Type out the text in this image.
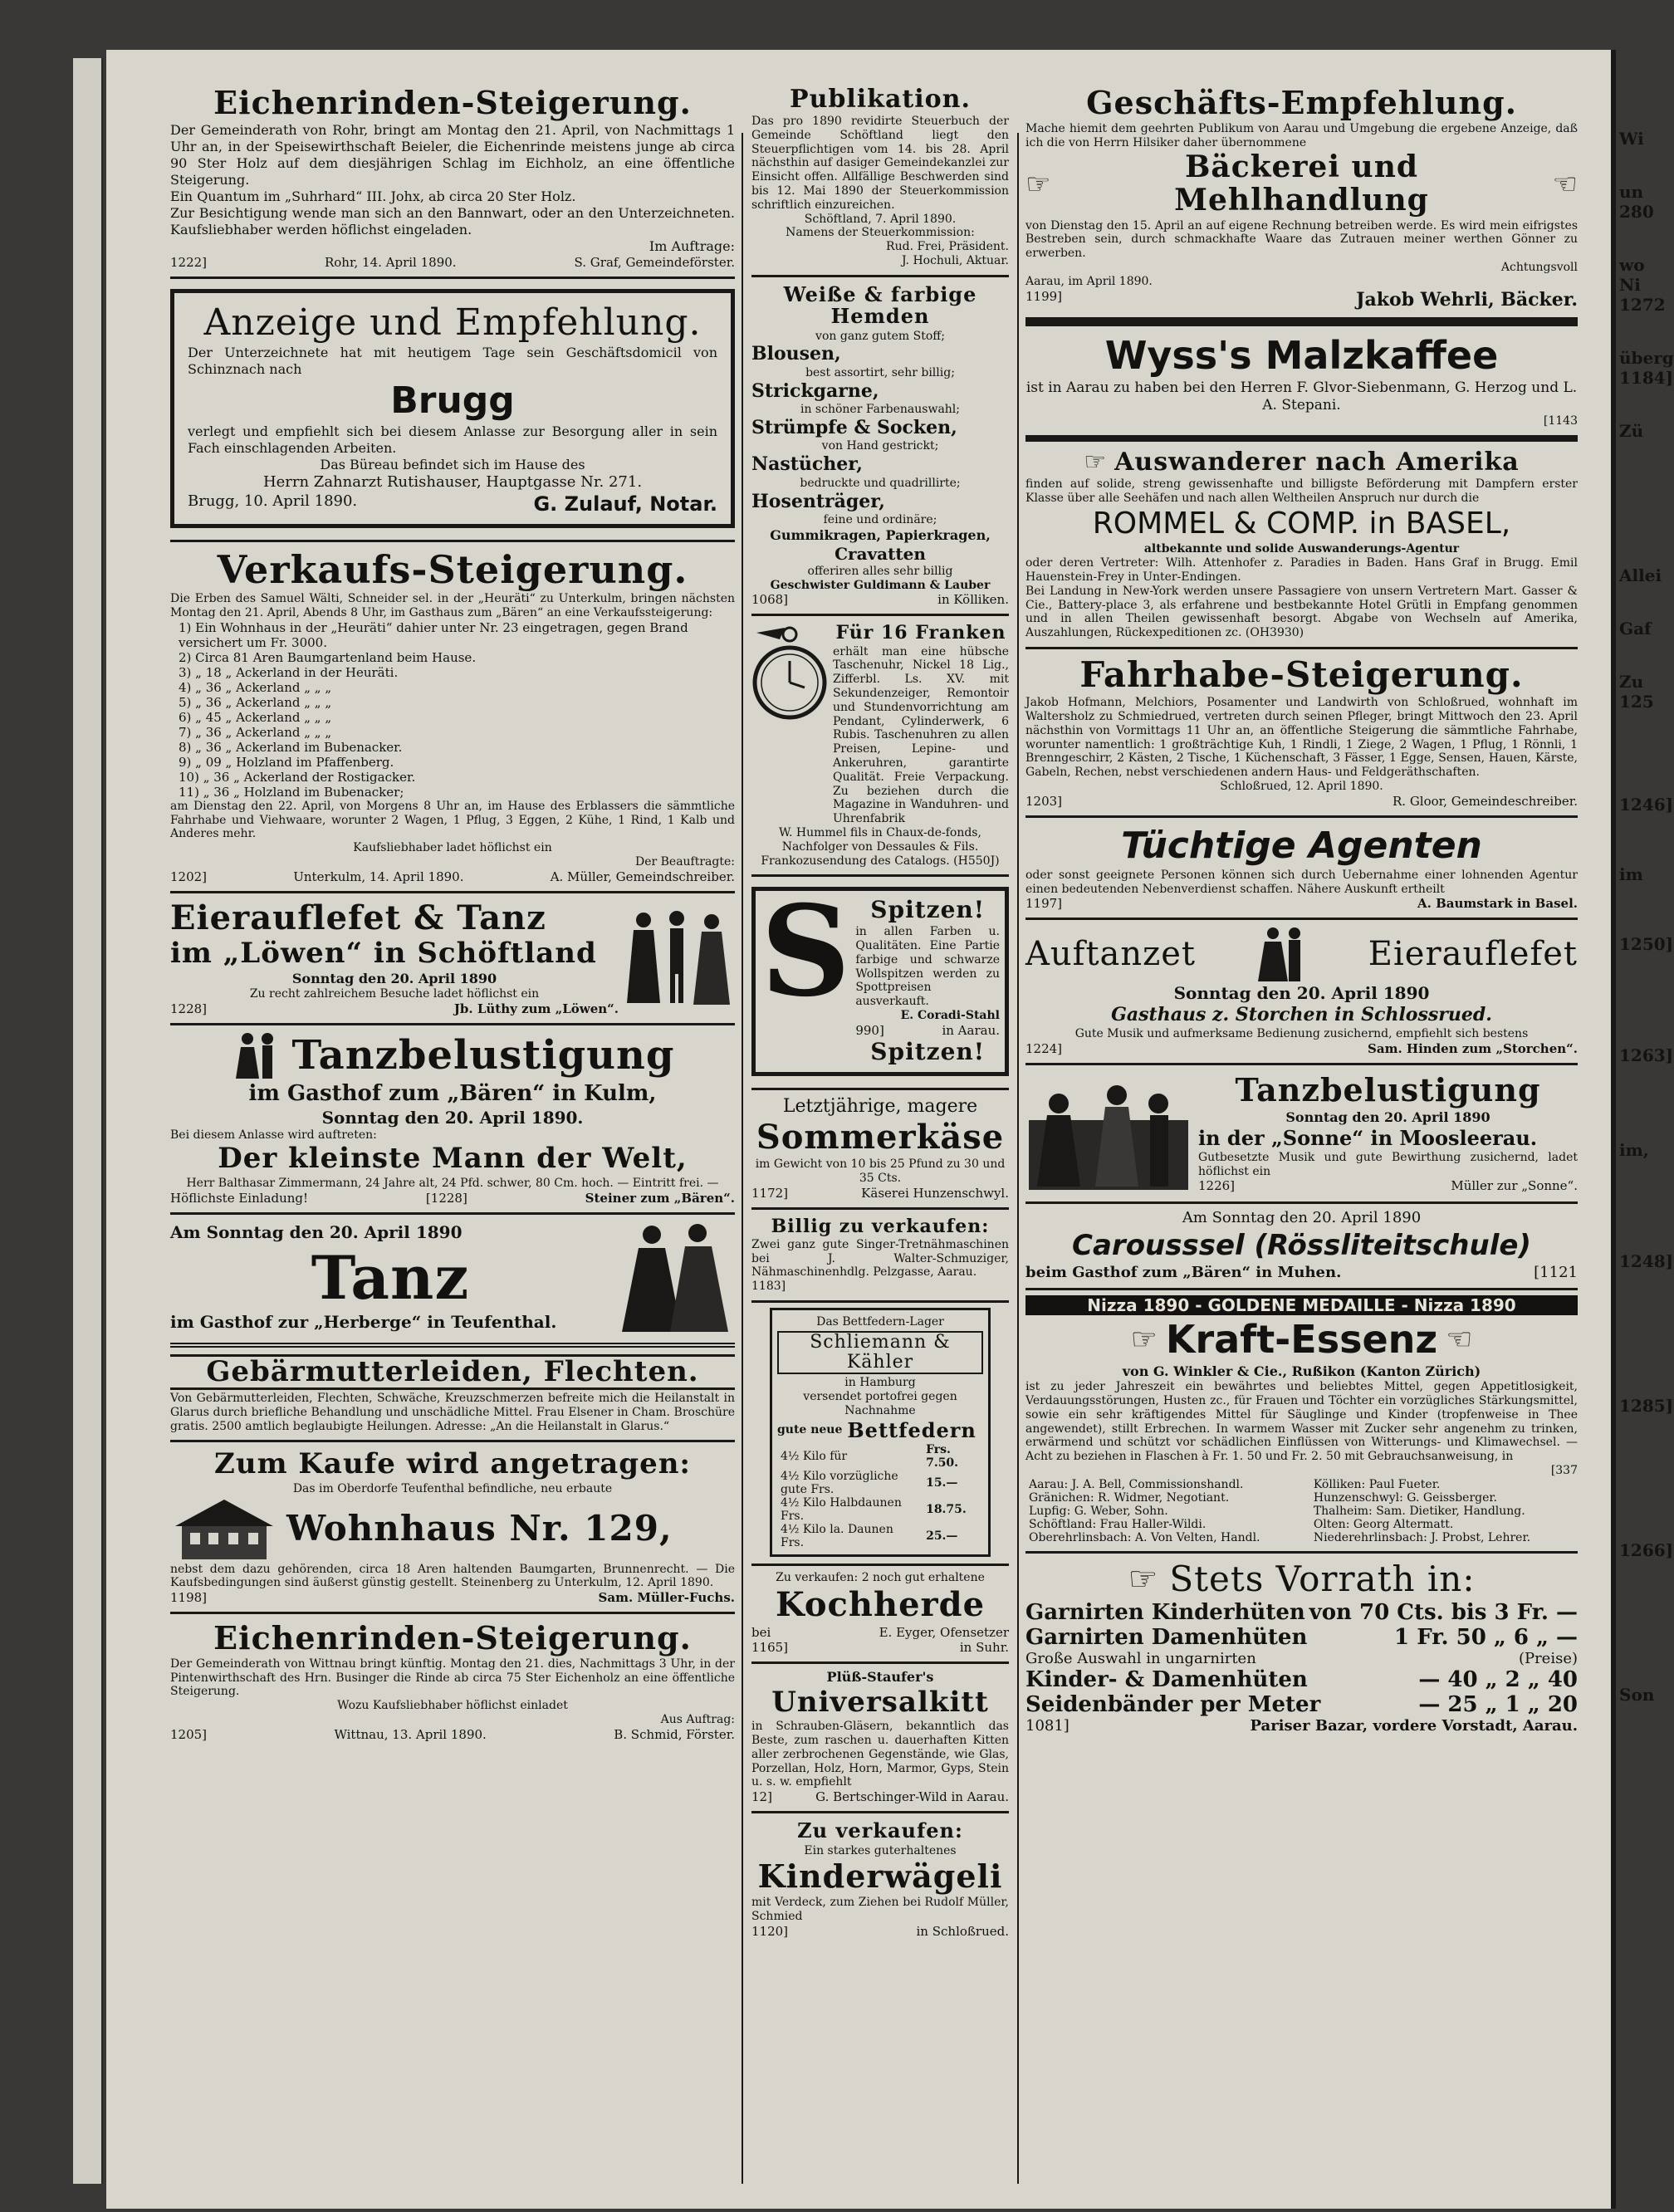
Eichenrinden-Steigerung.

Der Gemeinderath von Rohr, bringt am Montag den 21. April, von Nachmittags 1 Uhr an, in der Speisewirthschaft Beieler, die Eichenrinde meistens junge ab circa 90 Ster Holz auf dem diesjährigen Schlag im Eichholz, an eine öffentliche Steigerung.

Ein Quantum im „Suhrhard“ III. Johx, ab circa 20 Ster Holz.

Zur Besichtigung wende man sich an den Bannwart, oder an den Unterzeichneten. Kaufsliebhaber werden höflichst eingeladen.

Im Auftrage:

1222]	Rohr, 14. April 1890.	S. Graf, Gemeindeförster.
Anzeige und Empfehlung.

Der Unterzeichnete hat mit heutigem Tage sein Geschäftsdomicil von Schinznach nach

Brugg

verlegt und empfiehlt sich bei diesem Anlasse zur Besorgung aller in sein Fach einschlagenden Arbeiten.

Das Büreau befindet sich im Hause des

Herrn Zahnarzt Rutishauser, Hauptgasse Nr. 271.

Brugg, 10. April 1890.	G. Zulauf, Notar.
Verkaufs-Steigerung.

Die Erben des Samuel Wälti, Schneider sel. in der „Heuräti“ zu Unterkulm, bringen nächsten Montag den 21. April, Abends 8 Uhr, im Gasthaus zum „Bären“ an eine Verkaufssteigerung:

1) Ein Wohnhaus in der „Heuräti“ dahier unter Nr. 23 eingetragen, gegen Brand versichert um Fr. 3000.
2) Circa 81 Aren Baumgartenland beim Hause.
3) „ 18 „ Ackerland in der Heuräti.
4) „ 36 „ Ackerland „ „ „
5) „ 36 „ Ackerland „ „ „
6) „ 45 „ Ackerland „ „ „
7) „ 36 „ Ackerland „ „ „
8) „ 36 „ Ackerland im Bubenacker.
9) „ 09 „ Holzland im Pfaffenberg.
10) „ 36 „ Ackerland der Rostigacker.
11) „ 36 „ Holzland im Bubenacker;

am Dienstag den 22. April, von Morgens 8 Uhr an, im Hause des Erblassers die sämmtliche Fahrhabe und Viehwaare, worunter 2 Wagen, 1 Pflug, 3 Eggen, 2 Kühe, 1 Rind, 1 Kalb und Anderes mehr.

Kaufsliebhaber ladet höflichst ein

Der Beauftragte:

1202]	Unterkulm, 14. April 1890.	A. Müller, Gemeindschreiber.
Eierauflefet & Tanz
im „Löwen“ in Schöftland

Sonntag den 20. April 1890

Zu recht zahlreichem Besuche ladet höflichst ein

1228]	Jb. Lüthy zum „Löwen“.
Tanzbelustigung

im Gasthof zum „Bären“ in Kulm,

Sonntag den 20. April 1890.

Bei diesem Anlasse wird auftreten:

Der kleinste Mann der Welt,

Herr Balthasar Zimmermann, 24 Jahre alt, 24 Pfd. schwer, 80 Cm. hoch. — Eintritt frei. —

Höflichste Einladung!	[1228]	Steiner zum „Bären“.

Am Sonntag den 20. April 1890

Tanz

im Gasthof zur „Herberge“ in Teufenthal.

Gebärmutterleiden, Flechten.

Von Gebärmutterleiden, Flechten, Schwäche, Kreuzschmerzen befreite mich die Heilanstalt in Glarus durch briefliche Behandlung und unschädliche Mittel. Frau Elsener in Cham. Broschüre gratis. 2500 amtlich beglaubigte Heilungen. Adresse: „An die Heilanstalt in Glarus.“

Zum Kaufe wird angetragen:

Das im Oberdorfe Teufenthal befindliche, neu erbaute

Wohnhaus Nr. 129,

nebst dem dazu gehörenden, circa 18 Aren haltenden Baumgarten, Brunnenrecht. — Die Kaufsbedingungen sind äußerst günstig gestellt. Steinenberg zu Unterkulm, 12. April 1890.

1198]	Sam. Müller-Fuchs.
Eichenrinden-Steigerung.

Der Gemeinderath von Wittnau bringt künftig. Montag den 21. dies, Nachmittags 3 Uhr, in der Pintenwirthschaft des Hrn. Businger die Rinde ab circa 75 Ster Eichenholz an eine öffentliche Steigerung.

Wozu Kaufsliebhaber höflichst einladet

Aus Auftrag:

1205]	Wittnau, 13. April 1890.	B. Schmid, Förster.
Publikation.

Das pro 1890 revidirte Steuerbuch der Gemeinde Schöftland liegt den Steuerpflichtigen vom 14. bis 28. April nächsthin auf dasiger Gemeindekanzlei zur Einsicht offen. Allfällige Beschwerden sind bis 12. Mai 1890 der Steuerkommission schriftlich einzureichen.

Schöftland, 7. April 1890.

Namens der Steuerkommission:

Rud. Frei, Präsident.

J. Hochuli, Aktuar.

Weiße & farbige Hemden

von ganz gutem Stoff;

Blousen,

best assortirt, sehr billig;

Strickgarne,

in schöner Farbenauswahl;

Strümpfe & Socken,

von Hand gestrickt;

Nastücher,

bedruckte und quadrillirte;

Hosenträger,

feine und ordinäre;

Gummikragen, Papierkragen,

Cravatten

offeriren alles sehr billig

Geschwister Guldimann & Lauber

1068]	in Kölliken.
Für 16 Franken

erhält man eine hübsche Taschenuhr, Nickel 18 Lig., Zifferbl. Ls. XV. mit Sekundenzeiger, Remontoir und Stundenvorrichtung am Pendant, Cylinderwerk, 6 Rubis. Taschenuhren zu allen Preisen, Lepine- und Ankeruhren, garantirte Qualität. Freie Verpackung. Zu beziehen durch die Magazine in Wanduhren- und Uhrenfabrik

W. Hummel fils in Chaux-de-fonds,

Nachfolger von Dessaules & Fils.

Frankozusendung des Catalogs. (H550J)

S Spitzen!

in allen Farben u. Qualitäten. Eine Partie farbige und schwarze Wollspitzen werden zu Spottpreisen ausverkauft.

E. Coradi-Stahl

990]	in Aarau.
Spitzen!

Letztjährige, magere

Sommerkäse

im Gewicht von 10 bis 25 Pfund zu 30 und 35 Cts.

1172]	Käserei Hunzenschwyl.
Billig zu verkaufen:

Zwei ganz gute Singer-Tretnähmaschinen bei J. Walter-Schmuziger, Nähmaschinenhdlg. Pelzgasse, Aarau.

1183]

Das Bettfedern-Lager

Schliemann & Kähler

in Hamburg

versendet portofrei gegen Nachnahme

gute neue Bettfedern
4½ Kilo für	Frs. 7.50.
4½ Kilo vorzügliche gute Frs.	15.—
4½ Kilo Halbdaunen Frs.	18.75.
4½ Kilo la. Daunen Frs.	25.—

Zu verkaufen: 2 noch gut erhaltene

Kochherde
bei	E. Eyger, Ofensetzer
1165]	in Suhr.

Plüß-Staufer's

Universalkitt

in Schrauben-Gläsern, bekanntlich das Beste, zum raschen u. dauerhaften Kitten aller zerbrochenen Gegenstände, wie Glas, Porzellan, Holz, Horn, Marmor, Gyps, Stein u. s. w. empfiehlt

12]	G. Bertschinger-Wild in Aarau.
Zu verkaufen:

Ein starkes guterhaltenes

Kinderwägeli

mit Verdeck, zum Ziehen bei Rudolf Müller, Schmied

1120]	in Schloßrued.
Geschäfts-Empfehlung.

Mache hiemit dem geehrten Publikum von Aarau und Umgebung die ergebene Anzeige, daß ich die von Herrn Hilsiker daher übernommene

☞	Bäckerei und Mehlhandlung	☜

von Dienstag den 15. April an auf eigene Rechnung betreiben werde. Es wird mein eifrigstes Bestreben sein, durch schmackhafte Waare das Zutrauen meiner werthen Gönner zu erwerben.

Achtungsvoll

Aarau, im April 1890.

1199]	Jakob Wehrli, Bäcker.
Wyss's Malzkaffee

ist in Aarau zu haben bei den Herren F. Glvor-Siebenmann, G. Herzog und L. A. Stepani.

[1143

☞ Auswanderer nach Amerika

finden auf solide, streng gewissenhafte und billigste Beförderung mit Dampfern erster Klasse über alle Seehäfen und nach allen Weltheilen Anspruch nur durch die

ROMMEL & COMP. in BASEL,

altbekannte und solide Auswanderungs-Agentur

oder deren Vertreter: Wilh. Attenhofer z. Paradies in Baden. Hans Graf in Brugg. Emil Hauenstein-Frey in Unter-Endingen.

Bei Landung in New-York werden unsere Passagiere von unsern Vertretern Mart. Gasser & Cie., Battery-place 3, als erfahrene und bestbekannte Hotel Grütli in Empfang genommen und in allen Theilen gewissenhaft besorgt. Abgabe von Wechseln auf Amerika, Auszahlungen, Rückexpeditionen zc. (OH3930)

Fahrhabe-Steigerung.

Jakob Hofmann, Melchiors, Posamenter und Landwirth von Schloßrued, wohnhaft im Waltersholz zu Schmiedrued, vertreten durch seinen Pfleger, bringt Mittwoch den 23. April nächsthin von Vormittags 11 Uhr an, an öffentliche Steigerung die sämmtliche Fahrhabe, worunter namentlich: 1 großträchtige Kuh, 1 Rindli, 1 Ziege, 2 Wagen, 1 Pflug, 1 Rönnli, 1 Brenngeschirr, 2 Kästen, 2 Tische, 1 Küchenschaft, 3 Fässer, 1 Egge, Sensen, Hauen, Kärste, Gabeln, Rechen, nebst verschiedenen andern Haus- und Feldgeräthschaften.

Schloßrued, 12. April 1890.

1203]	R. Gloor, Gemeindeschreiber.
Tüchtige Agenten

oder sonst geeignete Personen können sich durch Uebernahme einer lohnenden Agentur einen bedeutenden Nebenverdienst schaffen. Nähere Auskunft ertheilt

1197]	A. Baumstark in Basel.
Auftanzet	Eierauflefet

Sonntag den 20. April 1890

Gasthaus z. Storchen in Schlossrued.

Gute Musik und aufmerksame Bedienung zusichernd, empfiehlt sich bestens

1224]	Sam. Hinden zum „Storchen“.
Tanzbelustigung

Sonntag den 20. April 1890

in der „Sonne“ in Moosleerau.

Gutbesetzte Musik und gute Bewirthung zusichernd, ladet höflichst ein

1226]	Müller zur „Sonne“.

Am Sonntag den 20. April 1890

Carousssel (Rössliteitschule)
beim Gasthof zum „Bären“ in Muhen.	[1121
Nizza 1890 - GOLDENE MEDAILLE - Nizza 1890
☞ Kraft-Essenz ☜

von G. Winkler & Cie., Rußikon (Kanton Zürich)

ist zu jeder Jahreszeit ein bewährtes und beliebtes Mittel, gegen Appetitlosigkeit, Verdauungsstörungen, Husten zc., für Frauen und Töchter ein vorzügliches Stärkungsmittel, sowie ein sehr kräftigendes Mittel für Säuglinge und Kinder (tropfenweise in Thee angewendet), stillt Erbrechen. In warmem Wasser mit Zucker sehr angenehm zu trinken, erwärmend und schützt vor schädlichen Einflüssen von Witterungs- und Klimawechsel. — Acht zu beziehen in Flaschen à Fr. 1. 50 und Fr. 2. 50 mit Gebrauchsanweisung, in

[337

Aarau: J. A. Bell, Commissionshandl.	Kölliken: Paul Fueter.
Gränichen: R. Widmer, Negotiant.	Hunzenschwyl: G. Geissberger.
Lupfig: G. Weber, Sohn.	Thalheim: Sam. Dietiker, Handlung.
Schöftland: Frau Haller-Wildi.	Olten: Georg Altermatt.
Oberehrlinsbach: A. Von Velten, Handl.	Niederehrlinsbach: J. Probst, Lehrer.
☞ Stets Vorrath in:
Garnirten Kinderhüten von 70 Cts. bis 3 Fr. —
Garnirten Damenhüten	1 Fr. 50 „ 6 „ —
Große Auswahl in ungarnirten	(Preise)
Kinder- & Damenhüten	— 40 „ 2 „ 40
Seidenbänder per Meter	— 25 „ 1 „ 20
1081]	Pariser Bazar, vordere Vorstadt, Aarau.
Wi
un
280
wo
Ni
1272
überg
1184]
Zü
Allei
Gaf
Zu
125
1246]
im
1250]
1263]
im,
1248]
1285]
1266]
Son
